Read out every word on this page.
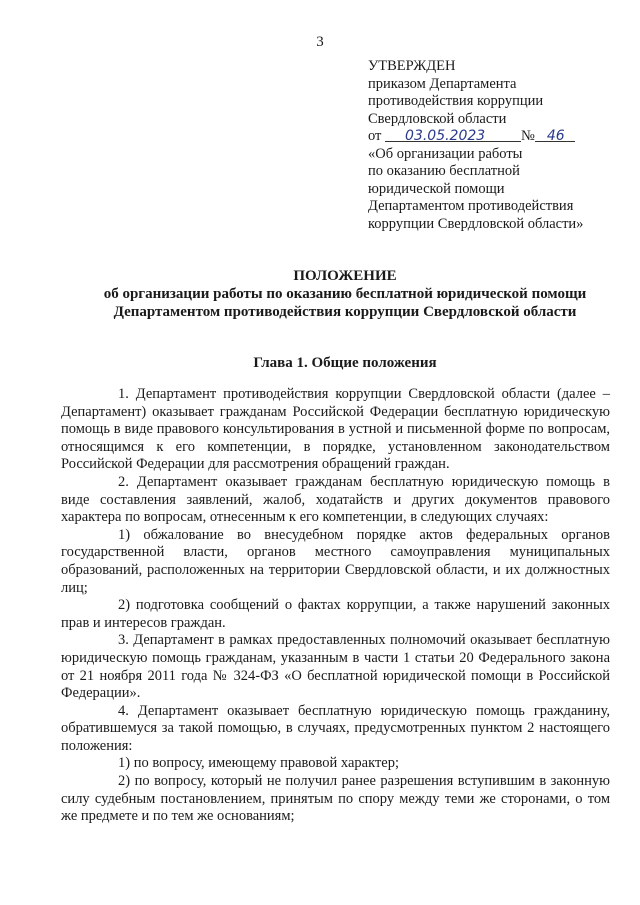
3
УТВЕРЖДЕН
приказом Департамента
противодействия коррупции
Свердловской области
от 03.05.2023 № 46
«Об организации работы
по оказанию бесплатной
юридической помощи
Департаментом противодействия
коррупции Свердловской области»
ПОЛОЖЕНИЕ
об организации работы по оказанию бесплатной юридической помощи
Департаментом противодействия коррупции Свердловской области
Глава 1. Общие положения

1. Департамент противодействия коррупции Свердловской области (далее – Департамент) оказывает гражданам Российской Федерации бесплатную юридическую помощь в виде правового консультирования в устной и письменной форме по вопросам, относящимся к его компетенции, в порядке, установленном законодательством Российской Федерации для рассмотрения обращений граждан.

2. Департамент оказывает гражданам бесплатную юридическую помощь в виде составления заявлений, жалоб, ходатайств и других документов правового характера по вопросам, отнесенным к его компетенции, в следующих случаях:

1) обжалование во внесудебном порядке актов федеральных органов государственной власти, органов местного самоуправления муниципальных образований, расположенных на территории Свердловской области, и их должностных лиц;

2) подготовка сообщений о фактах коррупции, а также нарушений законных прав и интересов граждан.

3. Департамент в рамках предоставленных полномочий оказывает бесплатную юридическую помощь гражданам, указанным в части 1 статьи 20 Федерального закона от 21 ноября 2011 года № 324-ФЗ «О бесплатной юридической помощи в Российской Федерации».

4. Департамент оказывает бесплатную юридическую помощь гражданину, обратившемуся за такой помощью, в случаях, предусмотренных пунктом 2 настоящего положения:

1) по вопросу, имеющему правовой характер;

2) по вопросу, который не получил ранее разрешения вступившим в законную силу судебным постановлением, принятым по спору между теми же сторонами, о том же предмете и по тем же основаниям;
